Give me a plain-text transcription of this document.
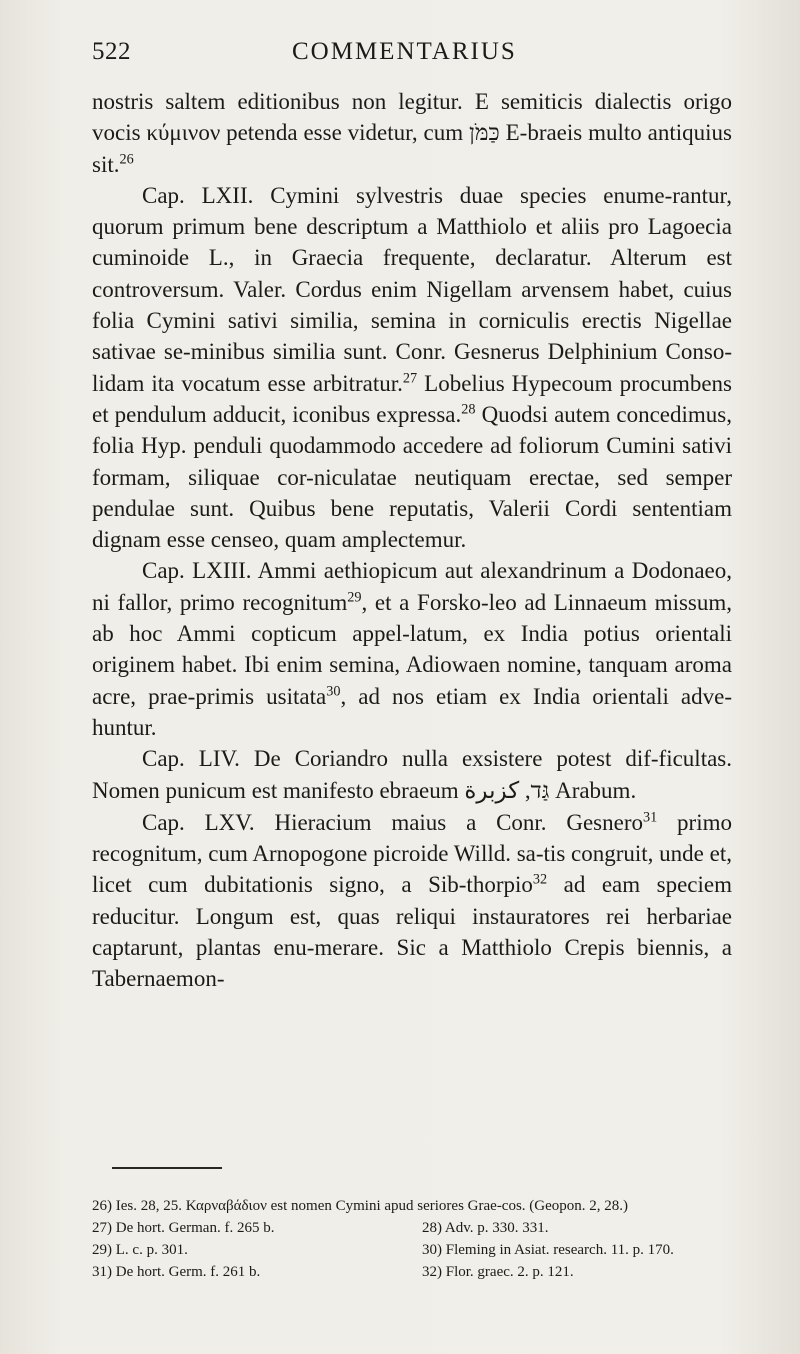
522	COMMENTARIUS

nostris saltem editionibus non legitur. E semiticis dialectis origo vocis κύμινον petenda esse videtur, cum כַּמֹּן E-braeis multo antiquius sit.$^{26}$

Cap. LXII. Cymini sylvestris duae species enume-rantur, quorum primum bene descriptum a Matthiolo et aliis pro Lagoecia cuminoide L., in Graecia frequente, declaratur. Alterum est controversum. Valer. Cordus enim Nigellam arvensem habet, cuius folia Cymini sativi similia, semina in corniculis erectis Nigellae sativae se-minibus similia sunt. Conr. Gesnerus Delphinium Conso-lidam ita vocatum esse arbitratur.$^{27}$ Lobelius Hypecoum procumbens et pendulum adducit, iconibus expressa.$^{28}$ Quodsi autem concedimus, folia Hyp. penduli quodammodo accedere ad foliorum Cumini sativi formam, siliquae cor-niculatae neutiquam erectae, sed semper pendulae sunt. Quibus bene reputatis, Valerii Cordi sententiam dignam esse censeo, quam amplectemur.

Cap. LXIII. Ammi aethiopicum aut alexandrinum a Dodonaeo, ni fallor, primo recognitum$^{29}$, et a Forsko-leo ad Linnaeum missum, ab hoc Ammi copticum appel-latum, ex India potius orientali originem habet. Ibi enim semina, Adiowaen nomine, tanquam aroma acre, prae-primis usitata$^{30}$, ad nos etiam ex India orientali adve-huntur.

Cap. LIV. De Coriandro nulla exsistere potest dif-ficultas. Nomen punicum est manifesto ebraeum גַּד, كزبرة Arabum.

Cap. LXV. Hieracium maius a Conr. Gesnero$^{31}$ primo recognitum, cum Arnopogone picroide Willd. sa-tis congruit, unde et, licet cum dubitationis signo, a Sib-thorpio$^{32}$ ad eam speciem reducitur. Longum est, quas reliqui instauratores rei herbariae captarunt, plantas enu-merare. Sic a Matthiolo Crepis biennis, a Tabernaemon-

26) Ies. 28, 25. Καρναβάδιον est nomen Cymini apud seriores Grae-cos. (Geopon. 2, 28.)

27) De hort. German. f. 265 b.	28) Adv. p. 330. 331.
29) L. c. p. 301.	30) Fleming in Asiat. research. 11. p. 170.
31) De hort. Germ. f. 261 b.	32) Flor. graec. 2. p. 121.
